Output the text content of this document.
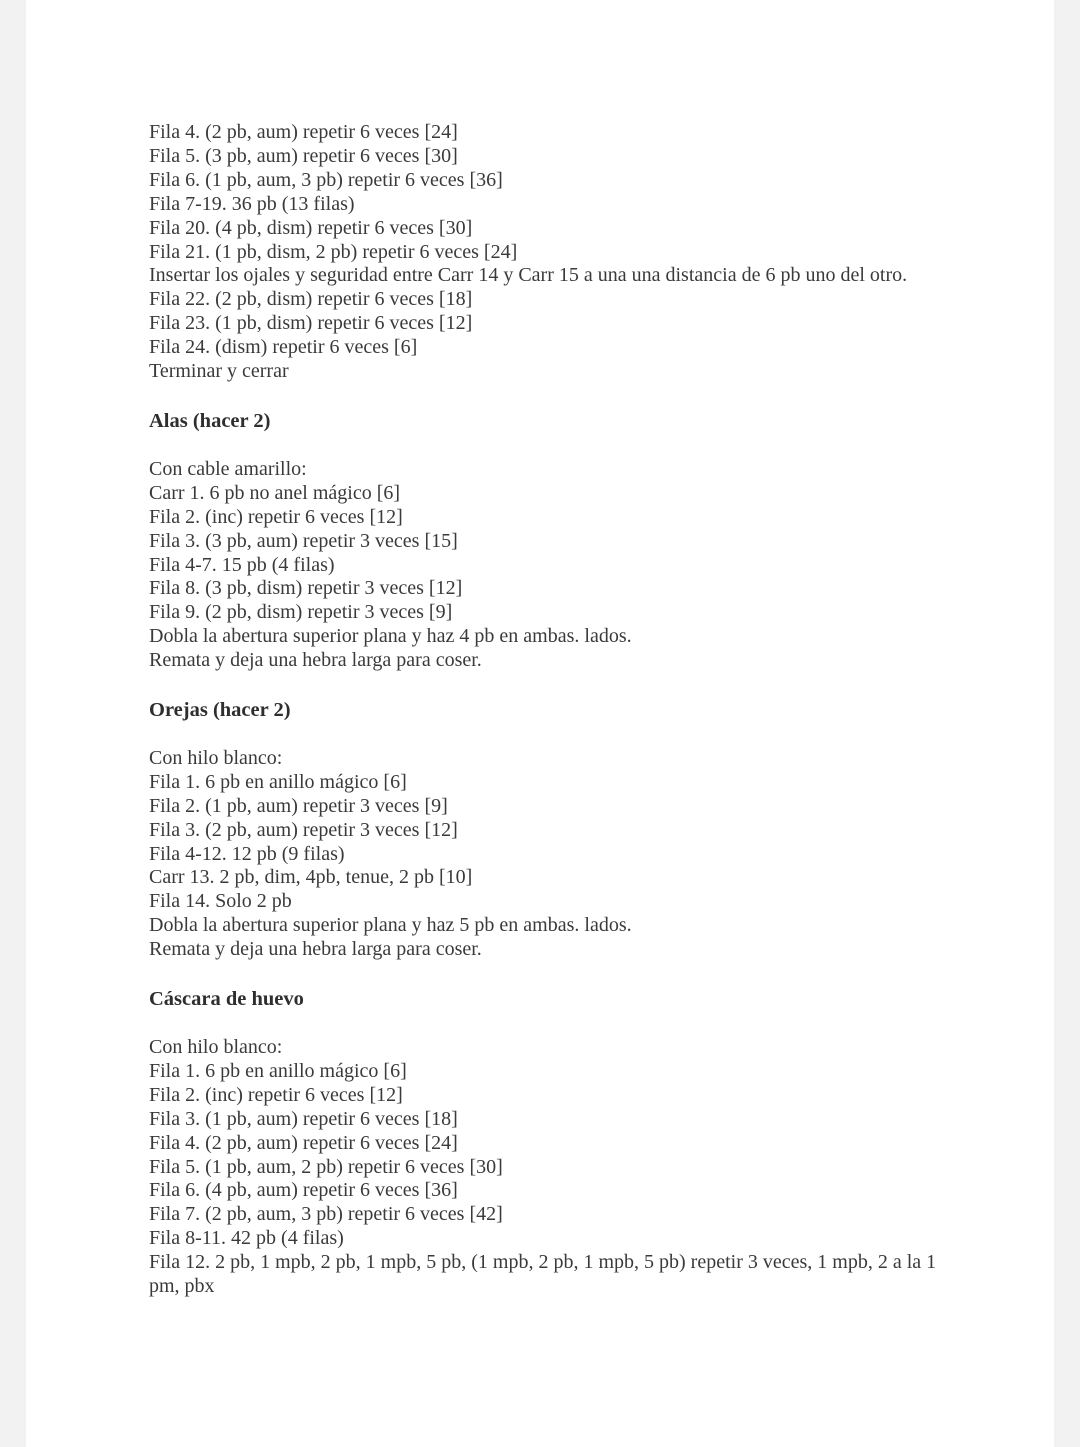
Fila 4. (2 pb, aum) repetir 6 veces [24]

Fila 5. (3 pb, aum) repetir 6 veces [30]

Fila 6. (1 pb, aum, 3 pb) repetir 6 veces [36]

Fila 7-19. 36 pb (13 filas)

Fila 20. (4 pb, dism) repetir 6 veces [30]

Fila 21. (1 pb, dism, 2 pb) repetir 6 veces [24]

Insertar los ojales y seguridad entre Carr 14 y Carr 15 a una una distancia de 6 pb uno del otro.

Fila 22. (2 pb, dism) repetir 6 veces [18]

Fila 23. (1 pb, dism) repetir 6 veces [12]

Fila 24. (dism) repetir 6 veces [6]

Terminar y cerrar

Alas (hacer 2)

Con cable amarillo:

Carr 1. 6 pb no anel mágico [6]

Fila 2. (inc) repetir 6 veces [12]

Fila 3. (3 pb, aum) repetir 3 veces [15]

Fila 4-7. 15 pb (4 filas)

Fila 8. (3 pb, dism) repetir 3 veces [12]

Fila 9. (2 pb, dism) repetir 3 veces [9]

Dobla la abertura superior plana y haz 4 pb en ambas. lados.

Remata y deja una hebra larga para coser.

Orejas (hacer 2)

Con hilo blanco:

Fila 1. 6 pb en anillo mágico [6]

Fila 2. (1 pb, aum) repetir 3 veces [9]

Fila 3. (2 pb, aum) repetir 3 veces [12]

Fila 4-12. 12 pb (9 filas)

Carr 13. 2 pb, dim, 4pb, tenue, 2 pb [10]

Fila 14. Solo 2 pb

Dobla la abertura superior plana y haz 5 pb en ambas. lados.

Remata y deja una hebra larga para coser.

Cáscara de huevo

Con hilo blanco:

Fila 1. 6 pb en anillo mágico [6]

Fila 2. (inc) repetir 6 veces [12]

Fila 3. (1 pb, aum) repetir 6 veces [18]

Fila 4. (2 pb, aum) repetir 6 veces [24]

Fila 5. (1 pb, aum, 2 pb) repetir 6 veces [30]

Fila 6. (4 pb, aum) repetir 6 veces [36]

Fila 7. (2 pb, aum, 3 pb) repetir 6 veces [42]

Fila 8-11. 42 pb (4 filas)

Fila 12. 2 pb, 1 mpb, 2 pb, 1 mpb, 5 pb, (1 mpb, 2 pb, 1 mpb, 5 pb) repetir 3 veces, 1 mpb, 2 a la 1 pm, pbx
